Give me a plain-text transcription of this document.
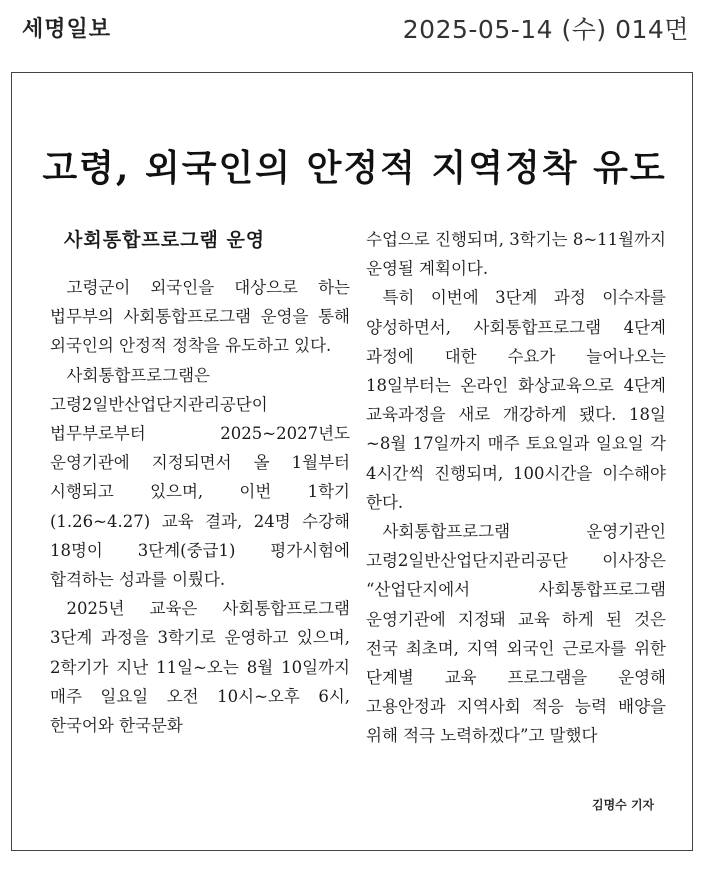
세명일보	2025-05-14 (수) 014면
고령, 외국인의 안정적 지역정착 유도
사회통합프로그램 운영

고령군이 외국인을 대상으로 하는 법무부의 사회통합프로그램 운영을 통해 외국인의 안정적 정착을 유도하고 있다.

사회통합프로그램은 고령2일반산업단지관리공단이 법무부로부터 2025~2027년도 운영기관에 지정되면서 올 1월부터 시행되고 있으며, 이번 1학기(1.26~4.27) 교육 결과, 24명 수강해 18명이 3단계(중급1) 평가시험에 합격하는 성과를 이뤘다.

2025년 교육은 사회통합프로그램 3단계 과정을 3학기로 운영하고 있으며, 2학기가 지난 11일~오는 8월 10일까지 매주 일요일 오전 10시~오후 6시, 한국어와 한국문화

수업으로 진행되며, 3학기는 8~11월까지 운영될 계획이다.

특히 이번에 3단계 과정 이수자를 양성하면서, 사회통합프로그램 4단계 과정에 대한 수요가 늘어나오는 18일부터는 온라인 화상교육으로 4단계 교육과정을 새로 개강하게 됐다. 18일~8월 17일까지 매주 토요일과 일요일 각 4시간씩 진행되며, 100시간을 이수해야 한다.

사회통합프로그램 운영기관인 고령2일반산업단지관리공단 이사장은 “산업단지에서 사회통합프로그램 운영기관에 지정돼 교육 하게 된 것은 전국 최초며, 지역 외국인 근로자를 위한 단계별 교육 프로그램을 운영해 고용안정과 지역사회 적응 능력 배양을 위해 적극 노력하겠다”고 말했다

김명수 기자
